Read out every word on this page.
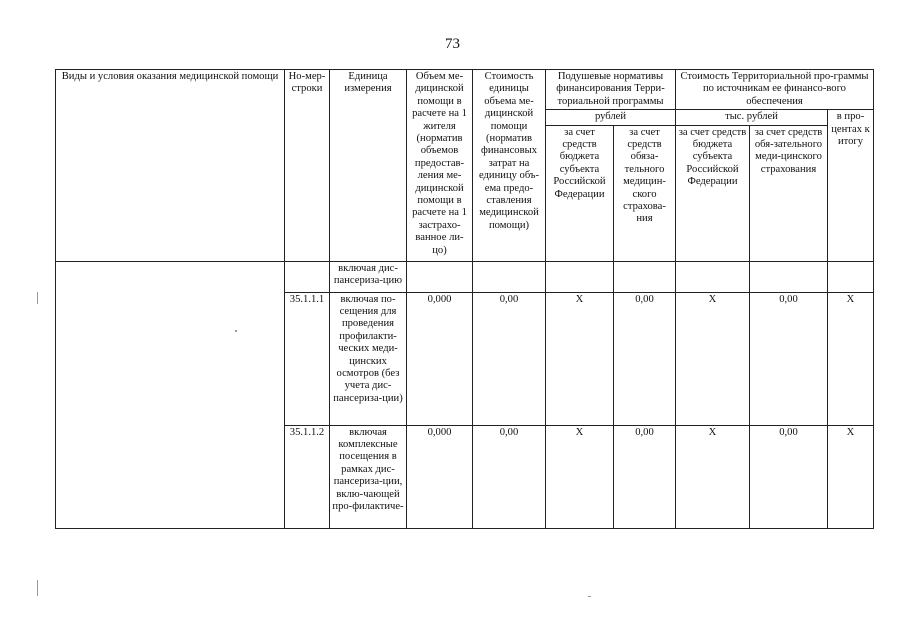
73
Виды и условия оказания медицинской помощи	Но-мер-строки	Единица измерения	Объем ме-дицинской помощи в расчете на 1 жителя (норматив объемов предостав-ления ме-дицинской помощи в расчете на 1 застрахо-ванное ли-цо)	Стоимость единицы объема ме-дицинской помощи (норматив финансовых затрат на единицу объ-ема предо-ставления медицинской помощи)	Подушевые нормативы финансирования Терри-ториальной программы		Стоимость Территориальной про-граммы по источникам ее финансо-вого обеспечения		
					рублей		тыс. рублей		в про-центах к итогу
					за счет средств бюджета субъекта Российской Федерации	за счет средств обяза-тельного медицин-ского страхова-ния	за счет средств бюджета субъекта Российской Федерации	за счет средств обя-зательного меди-цинского страхования	
		включая дис-пансериза-цию							
	35.1.1.1	включая по-сещения для проведения профилакти-ческих меди-цинских осмотров (без учета дис-пансериза-ции)	0,000	0,00	X	0,00	X	0,00	X
	35.1.1.2	включая комплексные посещения в рамках дис-пансериза-ции, вклю-чающей про-филактиче-	0,000	0,00	X	0,00	X	0,00	X
